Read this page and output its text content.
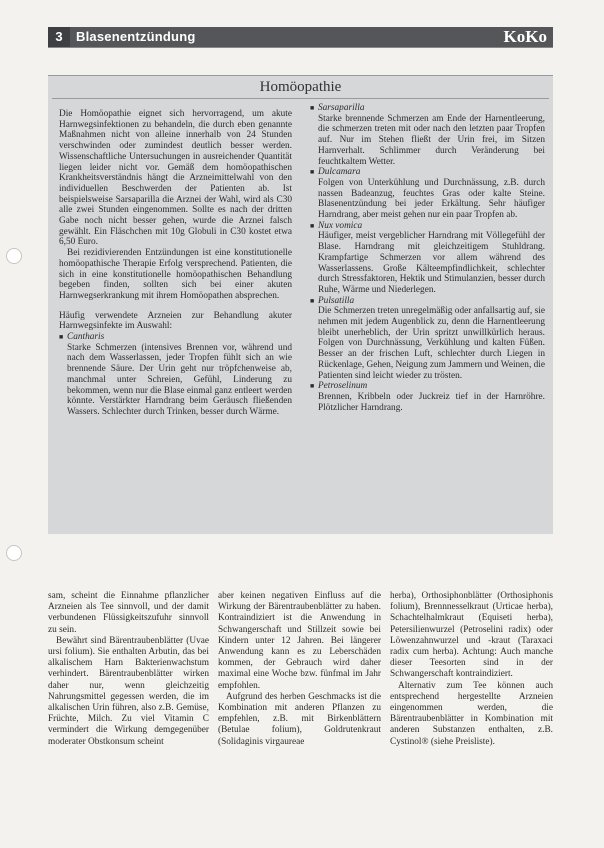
3	Blasenentzündung	KoKo
Homöopathie

Die Homöopathie eignet sich hervorragend, um akute Harnwegsinfektionen zu behandeln, die durch eben genannte Maßnahmen nicht von alleine innerhalb von 24 Stunden verschwinden oder zumindest deutlich besser werden. Wissenschaftliche Untersuchungen in ausreichender Quantität liegen leider nicht vor. Gemäß dem homöopathischen Krankheitsverständnis hängt die Arzneimittelwahl von den individuellen Beschwerden der Patienten ab. Ist beispielsweise Sarsaparilla die Arznei der Wahl, wird als C30 alle zwei Stunden eingenommen. Sollte es nach der dritten Gabe noch nicht besser gehen, wurde die Arznei falsch gewählt. Ein Fläschchen mit 10g Globuli in C30 kostet etwa 6,50 Euro.

Bei rezidivierenden Entzündungen ist eine konstitutionelle homöopathische Therapie Erfolg versprechend. Patienten, die sich in eine konstitutionelle homöopathischen Behandlung begeben finden, sollten sich bei einer akuten Harnwegserkrankung mit ihrem Homöopathen absprechen.

Häufig verwendete Arzneien zur Behandlung akuter Harnwegsinfekte im Auswahl:

■ Cantharis

Starke Schmerzen (intensives Brennen vor, während und nach dem Wasserlassen, jeder Tropfen fühlt sich an wie brennende Säure. Der Urin geht nur tröpfchenweise ab, manchmal unter Schreien, Gefühl, Linderung zu bekommen, wenn nur die Blase einmal ganz entleert werden könnte. Verstärkter Harndrang beim Geräusch fließenden Wassers. Schlechter durch Trinken, besser durch Wärme.

■ Sarsaparilla

Starke brennende Schmerzen am Ende der Harnentleerung, die schmerzen treten mit oder nach den letzten paar Tropfen auf. Nur im Stehen fließt der Urin frei, im Sitzen Harnverhalt. Schlimmer durch Veränderung bei feuchtkaltem Wetter.

■ Dulcamara

Folgen von Unterkühlung und Durchnässung, z.B. durch nassen Badeanzug, feuchtes Gras oder kalte Steine. Blasenentzündung bei jeder Erkältung. Sehr häufiger Harndrang, aber meist gehen nur ein paar Tropfen ab.

■ Nux vomica

Häufiger, meist vergeblicher Harndrang mit Völlegefühl der Blase. Harndrang mit gleichzeitigem Stuhldrang. Krampfartige Schmerzen vor allem während des Wasserlassens. Große Kälteempfindlichkeit, schlechter durch Stressfaktoren, Hektik und Stimulanzien, besser durch Ruhe, Wärme und Niederlegen.

■ Pulsatilla

Die Schmerzen treten unregelmäßig oder anfallsartig auf, sie nehmen mit jedem Augenblick zu, denn die Harnentleerung bleibt unerheblich, der Urin spritzt unwillkürlich heraus. Folgen von Durchnässung, Verkühlung und kalten Füßen. Besser an der frischen Luft, schlechter durch Liegen in Rückenlage, Gehen, Neigung zum Jammern und Weinen, die Patienten sind leicht wieder zu trösten.

■ Petroselinum

Brennen, Kribbeln oder Juckreiz tief in der Harnröhre. Plötzlicher Harndrang.

sam, scheint die Einnahme pflanzlicher Arzneien als Tee sinnvoll, und der damit verbundenen Flüssigkeitszufuhr sinnvoll zu sein.

Bewährt sind Bärentraubenblätter (Uvae ursi folium). Sie enthalten Arbutin, das bei alkalischem Harn Bakterienwachstum verhindert. Bärentraubenblätter wirken daher nur, wenn gleichzeitig Nahrungsmittel gegessen werden, die im alkalischen Urin führen, also z.B. Gemüse, Früchte, Milch. Zu viel Vitamin C vermindert die Wirkung demgegenüber moderater Obstkonsum scheint

aber keinen negativen Einfluss auf die Wirkung der Bärentraubenblätter zu haben. Kontraindiziert ist die Anwendung in Schwangerschaft und Stillzeit sowie bei Kindern unter 12 Jahren. Bei längerer Anwendung kann es zu Leberschäden kommen, der Gebrauch wird daher maximal eine Woche bzw. fünfmal im Jahr empfohlen.

Aufgrund des herben Geschmacks ist die Kombination mit anderen Pflanzen zu empfehlen, z.B. mit Birkenblättern (Betulae folium), Goldrutenkraut (Solidaginis virgaureae

herba), Orthosiphonblätter (Orthosiphonis folium), Brennnesselkraut (Urticae herba), Schachtelhalmkraut (Equiseti herba), Petersilienwurzel (Petroselini radix) oder Löwenzahnwurzel und -kraut (Taraxaci radix cum herba). Achtung: Auch manche dieser Teesorten sind in der Schwangerschaft kontraindiziert.

Alternativ zum Tee können auch entsprechend hergestellte Arzneien eingenommen werden, die Bärentraubenblätter in Kombination mit anderen Substanzen enthalten, z.B. Cystinol® (siehe Preisliste).
